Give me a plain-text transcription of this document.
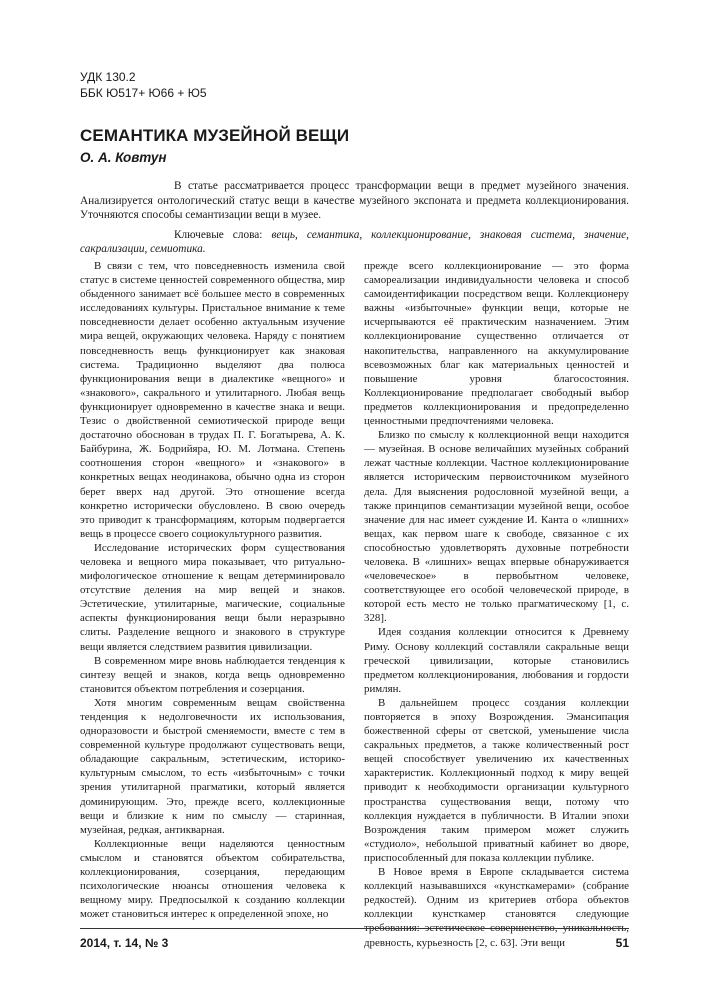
УДК 130.2
ББК Ю517+ Ю66 + Ю5
СЕМАНТИКА МУЗЕЙНОЙ ВЕЩИ
О. А. Ковтун

В статье рассматривается процесс трансформации вещи в предмет музейного значения. Анализируется онтологический статус вещи в качестве музейного экспоната и предмета коллекционирования. Уточняются способы семантизации вещи в музее.

Ключевые слова: вещь, семантика, коллекционирование, знаковая система, значение, сакрализации, семиотика.

В связи с тем, что повседневность изменила свой статус в системе ценностей современного общества, мир обыденного занимает всё большее место в современных исследованиях культуры. Пристальное внимание к теме повседневности делает особенно актуальным изучение мира вещей, окружающих человека. Наряду с понятием повседневность вещь функционирует как знаковая система. Традиционно выделяют два полюса функционирования вещи в диалектике «вещного» и «знакового», сакрального и утилитарного. Любая вещь функционирует одновременно в качестве знака и вещи. Тезис о двойственной семиотической природе вещи достаточно обоснован в трудах П. Г. Богатырева, А. К. Байбурина, Ж. Бодрийяра, Ю. М. Лотмана. Степень соотношения сторон «вещного» и «знакового» в конкретных вещах неодинакова, обычно одна из сторон берет вверх над другой. Это отношение всегда конкретно исторически обусловлено. В свою очередь это приводит к трансформациям, которым подвергается вещь в процессе своего социокультурного развития.

Исследование исторических форм существования человека и вещного мира показывает, что ритуально-мифологическое отношение к вещам детерминировало отсутствие деления на мир вещей и знаков. Эстетические, утилитарные, магические, социальные аспекты функционирования вещи были неразрывно слиты. Разделение вещного и знакового в структуре вещи является следствием развития цивилизации.

В современном мире вновь наблюдается тенденция к синтезу вещей и знаков, когда вещь одновременно становится объектом потребления и созерцания.

Хотя многим современным вещам свойственна тенденция к недолговечности их использования, одноразовости и быстрой сменяемости, вместе с тем в современной культуре продолжают существовать вещи, обладающие сакральным, эстетическим, историко-культурным смыслом, то есть «избыточным» с точки зрения утилитарной прагматики, который является доминирующим. Это, прежде всего, коллекционные вещи и близкие к ним по смыслу — старинная, музейная, редкая, антикварная.

Коллекционные вещи наделяются ценностным смыслом и становятся объектом собирательства, коллекционирования, созерцания, передающим психологические нюансы отношения человека к вещному миру. Предпосылкой к созданию коллекции может становиться интерес к определенной эпохе, но

прежде всего коллекционирование — это форма самореализации индивидуальности человека и способ самоидентификации посредством вещи. Коллекционеру важны «избыточные» функции вещи, которые не исчерпываются её практическим назначением. Этим коллекционирование существенно отличается от накопительства, направленного на аккумулирование всевозможных благ как материальных ценностей и повышение уровня благосостояния. Коллекционирование предполагает свободный выбор предметов коллекционирования и предопределенно ценностными предпочтениями человека.

Близко по смыслу к коллекционной вещи находится — музейная. В основе величайших музейных собраний лежат частные коллекции. Частное коллекционирование является историческим первоисточником музейного дела. Для выяснения родословной музейной вещи, а также принципов семантизации музейной вещи, особое значение для нас имеет суждение И. Канта о «лишних» вещах, как первом шаге к свободе, связанное с их способностью удовлетворять духовные потребности человека. В «лишних» вещах впервые обнаруживается «человеческое» в первобытном человеке, соответствующее его особой человеческой природе, в которой есть место не только прагматическому [1, с. 328].

Идея создания коллекции относится к Древнему Риму. Основу коллекций составляли сакральные вещи греческой цивилизации, которые становились предметом коллекционирования, любования и гордости римлян.

В дальнейшем процесс создания коллекции повторяется в эпоху Возрождения. Эмансипация божественной сферы от светской, уменьшение числа сакральных предметов, а также количественный рост вещей способствует увеличению их качественных характеристик. Коллекционный подход к миру вещей приводит к необходимости организации культурного пространства существования вещи, потому что коллекция нуждается в публичности. В Италии эпохи Возрождения таким примером может служить «студиоло», небольшой приватный кабинет во дворе, приспособленный для показа коллекции публике.

В Новое время в Европе складывается система коллекций называвшихся «кунсткамерами» (собрание редкостей). Одним из критериев отбора объектов коллекции кунсткамер становятся следующие требования: эстетическое совершенство, уникальность, древность, курьезность [2, с. 63]. Эти вещи

2014, т. 14, № 3	51
